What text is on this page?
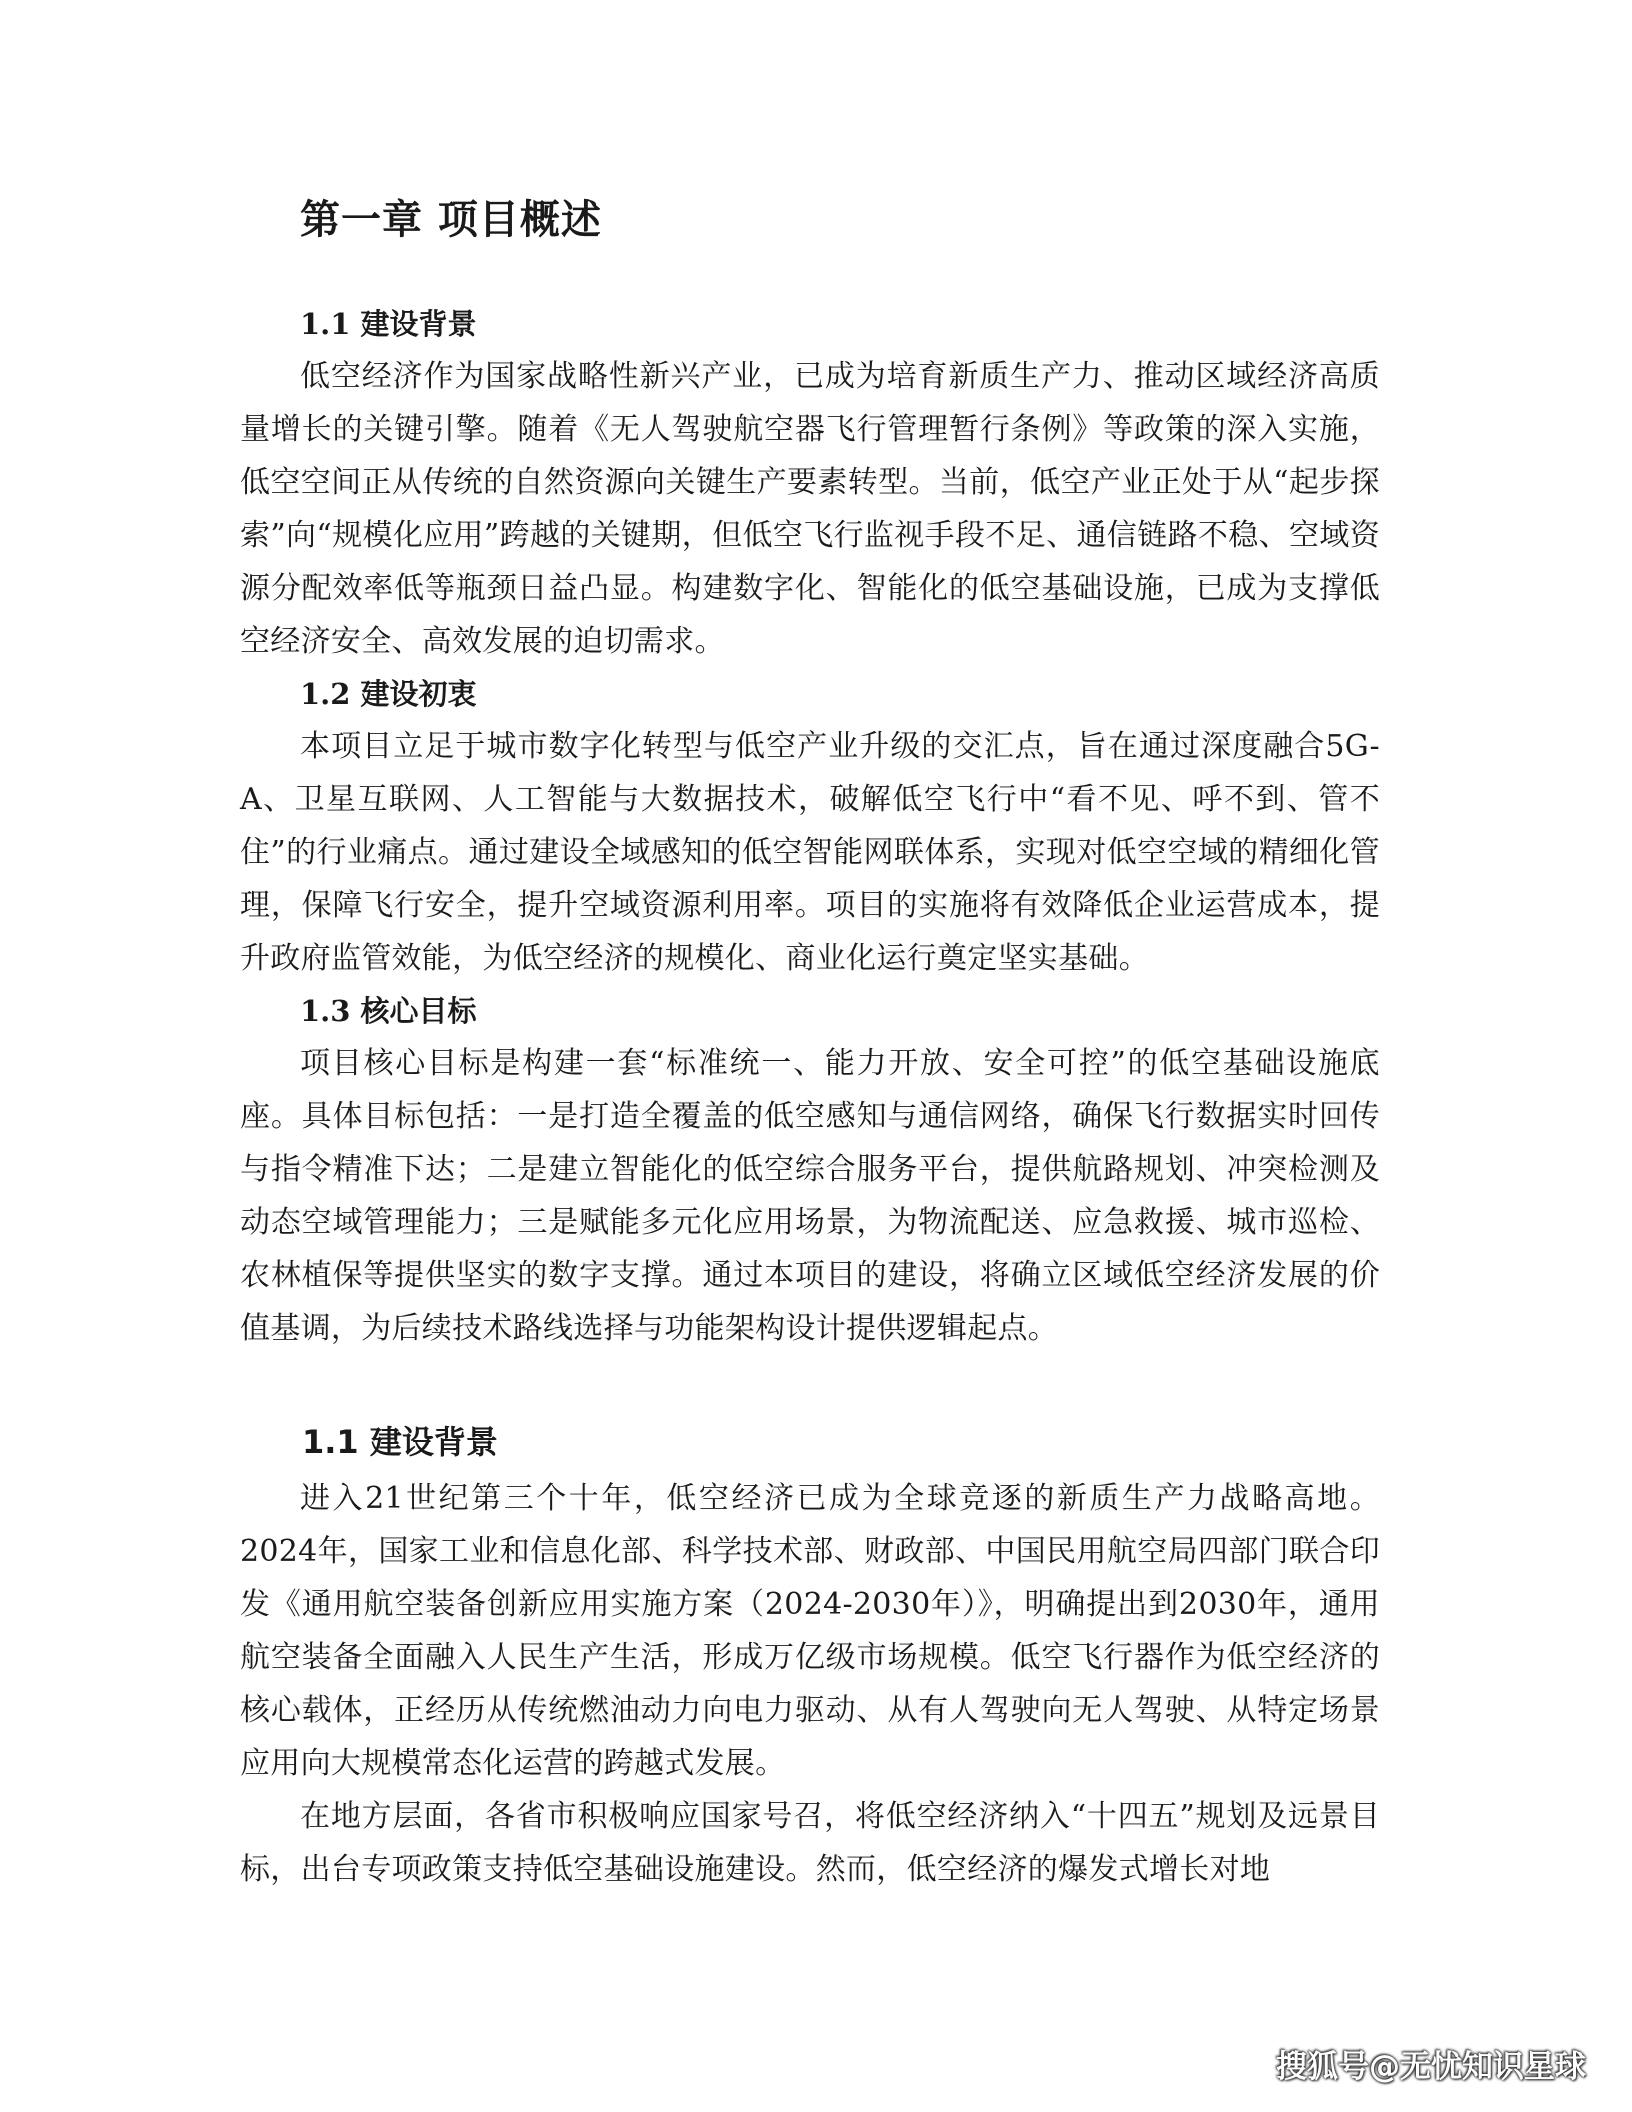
第一章 项目概述
1.1 建设背景

低空经济作为国家战略性新兴产业，已成为培育新质生产力、推动区域经济高质量增长的关键引擎。随着《无人驾驶航空器飞行管理暂行条例》等政策的深入实施，低空空间正从传统的自然资源向关键生产要素转型。当前，低空产业正处于从“起步探索”向“规模化应用”跨越的关键期，但低空飞行监视手段不足、通信链路不稳、空域资源分配效率低等瓶颈日益凸显。构建数字化、智能化的低空基础设施，已成为支撑低空经济安全、高效发展的迫切需求。

1.2 建设初衷

本项目立足于城市数字化转型与低空产业升级的交汇点，旨在通过深度融合5G-A、卫星互联网、人工智能与大数据技术，破解低空飞行中“看不见、呼不到、管不住”的行业痛点。通过建设全域感知的低空智能网联体系，实现对低空空域的精细化管理，保障飞行安全，提升空域资源利用率。项目的实施将有效降低企业运营成本，提升政府监管效能，为低空经济的规模化、商业化运行奠定坚实基础。

1.3 核心目标

项目核心目标是构建一套“标准统一、能力开放、安全可控”的低空基础设施底座。具体目标包括：一是打造全覆盖的低空感知与通信网络，确保飞行数据实时回传与指令精准下达；二是建立智能化的低空综合服务平台，提供航路规划、冲突检测及动态空域管理能力；三是赋能多元化应用场景，为物流配送、应急救援、城市巡检、农林植保等提供坚实的数字支撑。通过本项目的建设，将确立区域低空经济发展的价值基调，为后续技术路线选择与功能架构设计提供逻辑起点。

1.1 建设背景

进入21世纪第三个十年，低空经济已成为全球竞逐的新质生产力战略高地。2024年，国家工业和信息化部、科学技术部、财政部、中国民用航空局四部门联合印发《通用航空装备创新应用实施方案（2024-2030年）》，明确提出到2030年，通用航空装备全面融入人民生产生活，形成万亿级市场规模。低空飞行器作为低空经济的核心载体，正经历从传统燃油动力向电力驱动、从有人驾驶向无人驾驶、从特定场景应用向大规模常态化运营的跨越式发展。

在地方层面，各省市积极响应国家号召，将低空经济纳入“十四五”规划及远景目标，出台专项政策支持低空基础设施建设。然而，低空经济的爆发式增长对地

搜狐号@无忧知识星球
